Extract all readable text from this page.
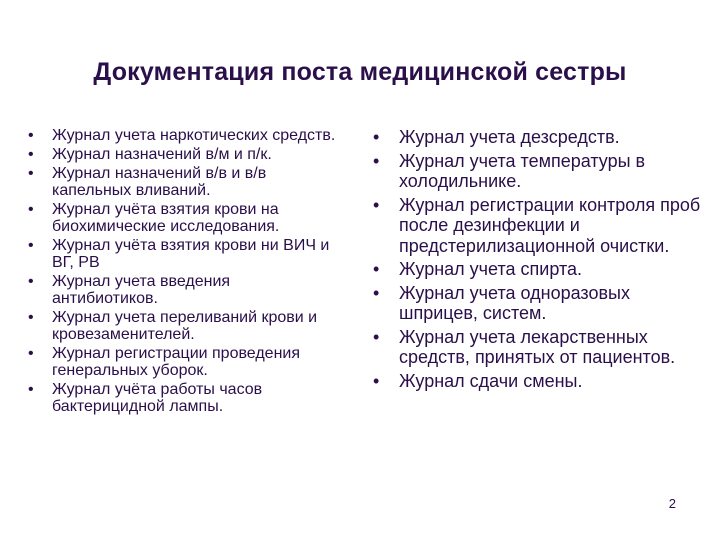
Документация поста медицинской сестры
•	Журнал учета наркотических средств.
•	Журнал назначений в/м и п/к.
•	Журнал назначений в/в и в/в капельных вливаний.
•	Журнал учёта взятия крови на биохимические исследования.
•	Журнал учёта взятия крови ни ВИЧ и ВГ, РВ
•	Журнал учета введения антибиотиков.
•	Журнал учета переливаний крови и кровезаменителей.
•	Журнал регистрации проведения генеральных уборок.
•	Журнал учёта работы часов бактерицидной лампы.
•	Журнал учета дезсредств.
•	Журнал учета температуры в холодильнике.
•	Журнал регистрации контроля проб после дезинфекции и предстерилизационной очистки.
•	Журнал учета спирта.
•	Журнал учета одноразовых шприцев, систем.
•	Журнал учета лекарственных средств, принятых от пациентов.
•	Журнал сдачи смены.
2
